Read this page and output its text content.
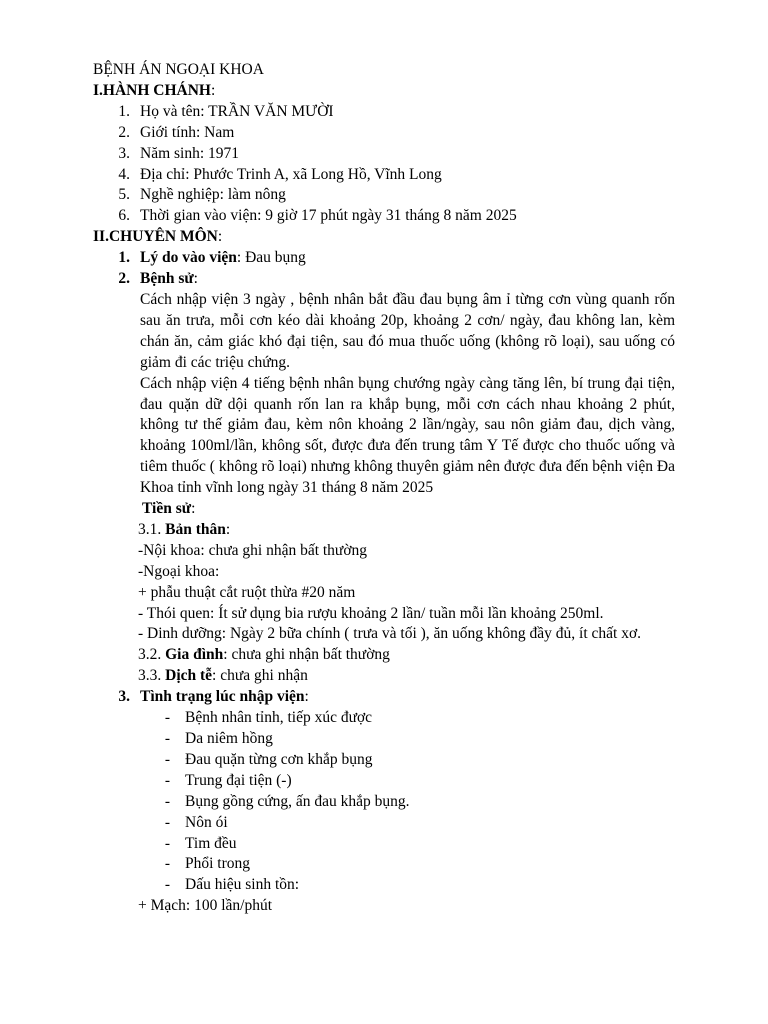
BỆNH ÁN NGOẠI KHOA
I.HÀNH CHÁNH:
1. Họ và tên: TRẦN VĂN MƯỜI
2. Giới tính: Nam
3. Năm sinh: 1971
4. Địa chỉ: Phước Trinh A, xã Long Hồ, Vĩnh Long
5. Nghề nghiệp: làm nông
6. Thời gian vào viện: 9 giờ 17 phút ngày 31 tháng 8 năm 2025
II.CHUYÊN MÔN:
1. Lý do vào viện: Đau bụng
2. Bệnh sử:
Cách nhập viện 3 ngày , bệnh nhân bắt đầu đau bụng âm ỉ từng cơn vùng quanh rốn sau ăn trưa, mỗi cơn kéo dài khoảng 20p, khoảng 2 cơn/ ngày, đau không lan, kèm chán ăn, cảm giác khó đại tiện, sau đó mua thuốc uống (không rõ loại), sau uống có giảm đi các triệu chứng.
Cách nhập viện 4 tiếng bệnh nhân bụng chướng ngày càng tăng lên, bí trung đại tiện, đau quặn dữ dội quanh rốn lan ra khắp bụng, mỗi cơn cách nhau khoảng 2 phút, không tư thế giảm đau, kèm nôn khoảng 2 lần/ngày, sau nôn giảm đau, dịch vàng, khoảng 100ml/lần, không sốt, được đưa đến trung tâm Y Tế được cho thuốc uống và tiêm thuốc ( không rõ loại) nhưng không thuyên giảm nên được đưa đến bệnh viện Đa Khoa tỉnh vĩnh long ngày 31 tháng 8 năm 2025
Tiền sử:
3.1. Bản thân:
-Nội khoa: chưa ghi nhận bất thường
-Ngoại khoa:
+ phẫu thuật cắt ruột thừa #20 năm
- Thói quen: Ít sử dụng bia rượu khoảng 2 lần/ tuần mỗi lần khoảng 250ml.
- Dinh dưỡng: Ngày 2 bữa chính ( trưa và tối ), ăn uống không đầy đủ, ít chất xơ.
3.2. Gia đình: chưa ghi nhận bất thường
3.3. Dịch tễ: chưa ghi nhận
3. Tình trạng lúc nhập viện:
- Bệnh nhân tỉnh, tiếp xúc được
- Da niêm hồng
- Đau quặn từng cơn khắp bụng
- Trung đại tiện (-)
- Bụng gồng cứng, ấn đau khắp bụng.
- Nôn ói
- Tim đều
- Phổi trong
- Dấu hiệu sinh tồn:
+ Mạch: 100 lần/phút
